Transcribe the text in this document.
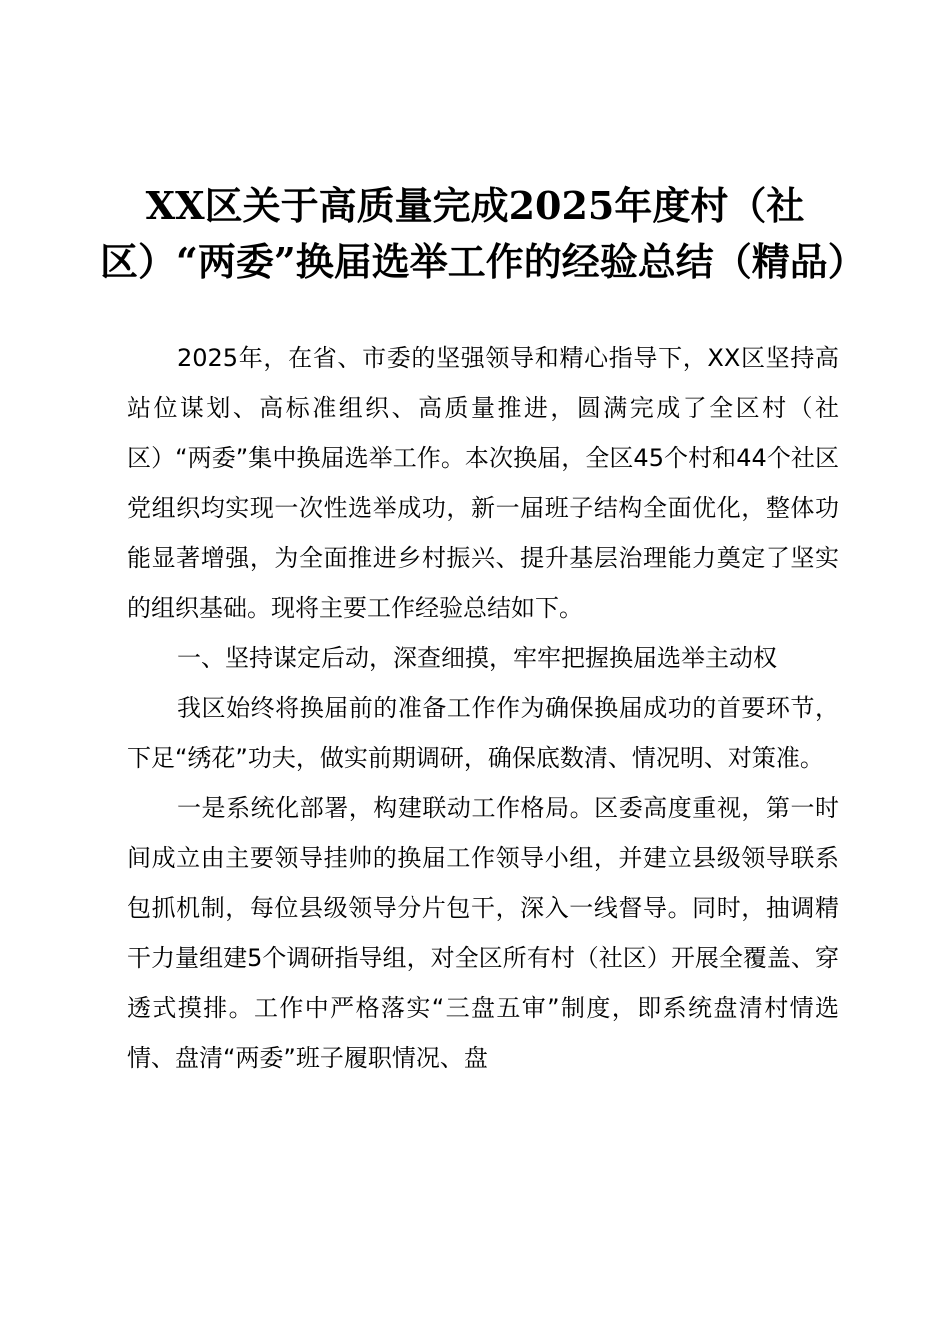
XX区关于高质量完成2025年度村（社区）“两委”换届选举工作的经验总结（精品）

2025年，在省、市委的坚强领导和精心指导下，XX区坚持高站位谋划、高标准组织、高质量推进，圆满完成了全区村（社区）“两委”集中换届选举工作。本次换届，全区45个村和44个社区党组织均实现一次性选举成功，新一届班子结构全面优化，整体功能显著增强，为全面推进乡村振兴、提升基层治理能力奠定了坚实的组织基础。现将主要工作经验总结如下。

一、坚持谋定后动，深查细摸，牢牢把握换届选举主动权

我区始终将换届前的准备工作作为确保换届成功的首要环节，下足“绣花”功夫，做实前期调研，确保底数清、情况明、对策准。

一是系统化部署，构建联动工作格局。区委高度重视，第一时间成立由主要领导挂帅的换届工作领导小组，并建立县级领导联系包抓机制，每位县级领导分片包干，深入一线督导。同时，抽调精干力量组建5个调研指导组，对全区所有村（社区）开展全覆盖、穿透式摸排。工作中严格落实“三盘五审”制度，即系统盘清村情选情、盘清“两委”班子履职情况、盘
